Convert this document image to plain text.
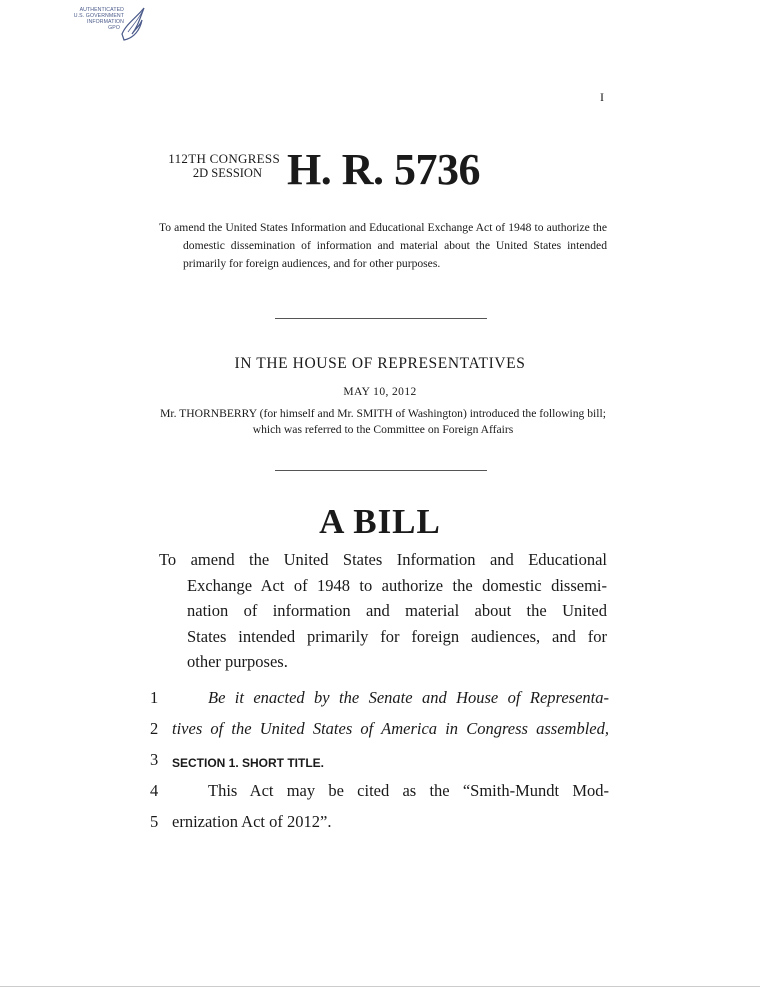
AUTHENTICATED
U.S. GOVERNMENT
INFORMATION
GPO
I
112TH CONGRESS
2D SESSION H. R. 5736
To amend the United States Information and Educational Exchange Act of 1948 to authorize the domestic dissemination of information and material about the United States intended primarily for foreign audiences, and for other purposes.
IN THE HOUSE OF REPRESENTATIVES
MAY 10, 2012
Mr. THORNBERRY (for himself and Mr. SMITH of Washington) introduced the following bill; which was referred to the Committee on Foreign Affairs
A BILL
To amend the United States Information and Educational
Exchange Act of 1948 to authorize the domestic dissemi-
nation of information and material about the United
States intended primarily for foreign audiences, and for
other purposes.
1	Be it enacted by the Senate and House of Representa-
2 tives of the United States of America in Congress assembled,
3	SECTION 1. SHORT TITLE.
4	This Act may be cited as the “Smith-Mundt Mod-
5 ernization Act of 2012”.
